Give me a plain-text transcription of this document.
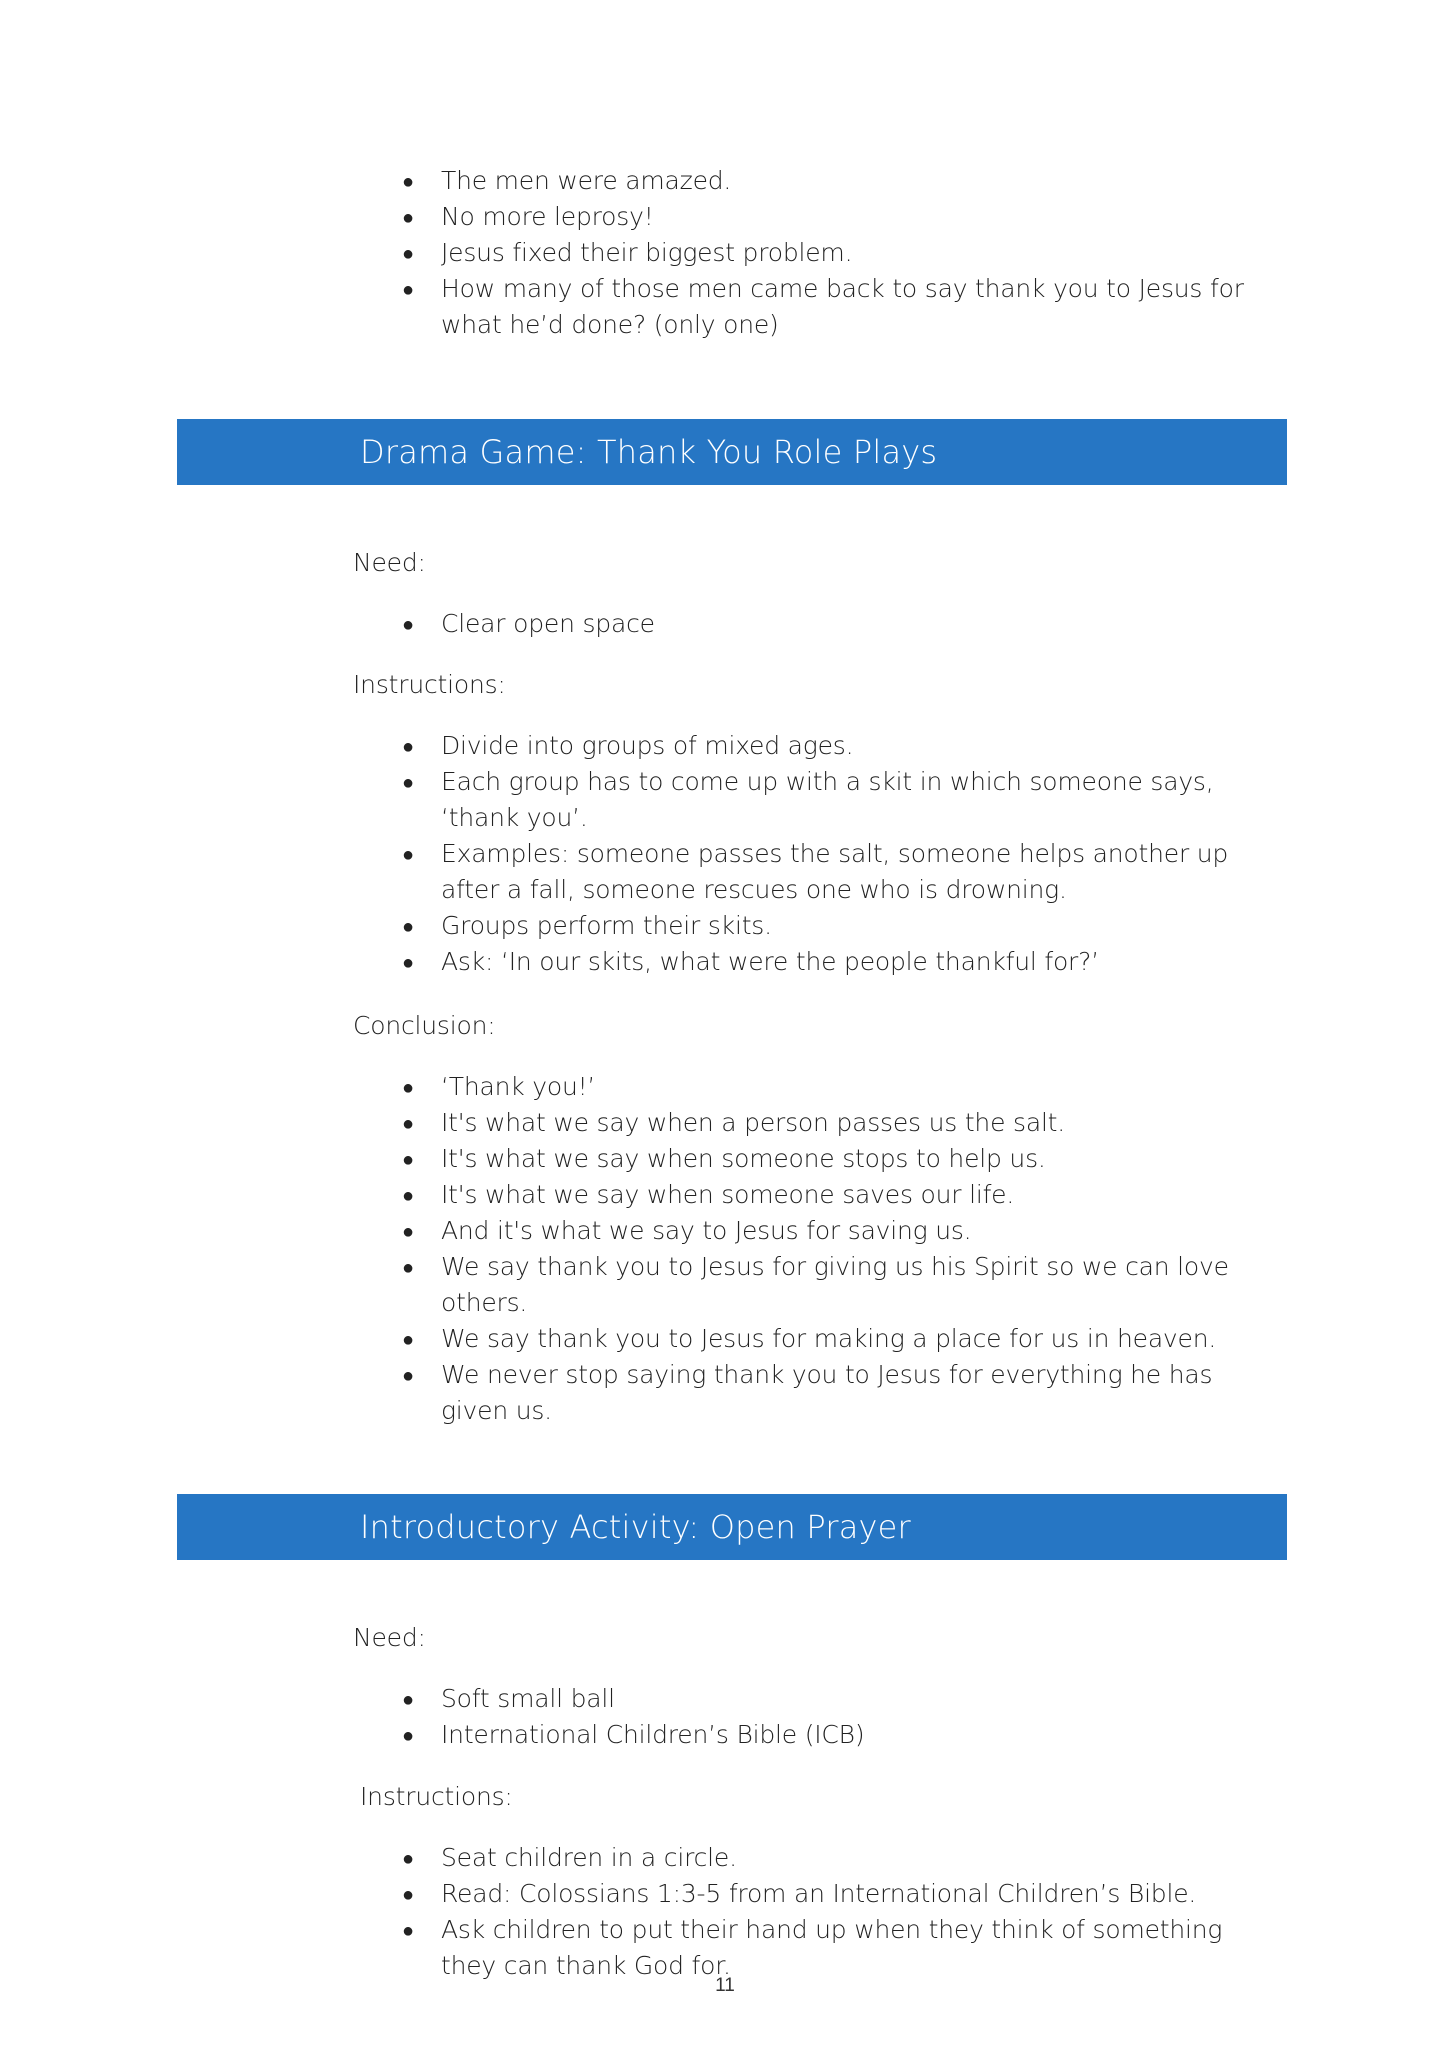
● The men were amazed.
● No more leprosy!
● Jesus fixed their biggest problem.
● How many of those men came back to say thank you to Jesus for what he’d done? (only one)
Drama Game: Thank You Role Plays
Need:
● Clear open space
Instructions:
● Divide into groups of mixed ages.
● Each group has to come up with a skit in which someone says, ‘thank you’.
● Examples: someone passes the salt, someone helps another up after a fall, someone rescues one who is drowning.
● Groups perform their skits.
● Ask: ‘In our skits, what were the people thankful for?’
Conclusion:
● ‘Thank you!’
● It's what we say when a person passes us the salt.
● It's what we say when someone stops to help us.
● It's what we say when someone saves our life.
● And it's what we say to Jesus for saving us.
● We say thank you to Jesus for giving us his Spirit so we can love others.
● We say thank you to Jesus for making a place for us in heaven.
● We never stop saying thank you to Jesus for everything he has given us.
Introductory Activity: Open Prayer
Need:
● Soft small ball
● International Children’s Bible (ICB)
Instructions:
● Seat children in a circle.
● Read: Colossians 1:3-5 from an International Children’s Bible.
● Ask children to put their hand up when they think of something they can thank God for.
11
